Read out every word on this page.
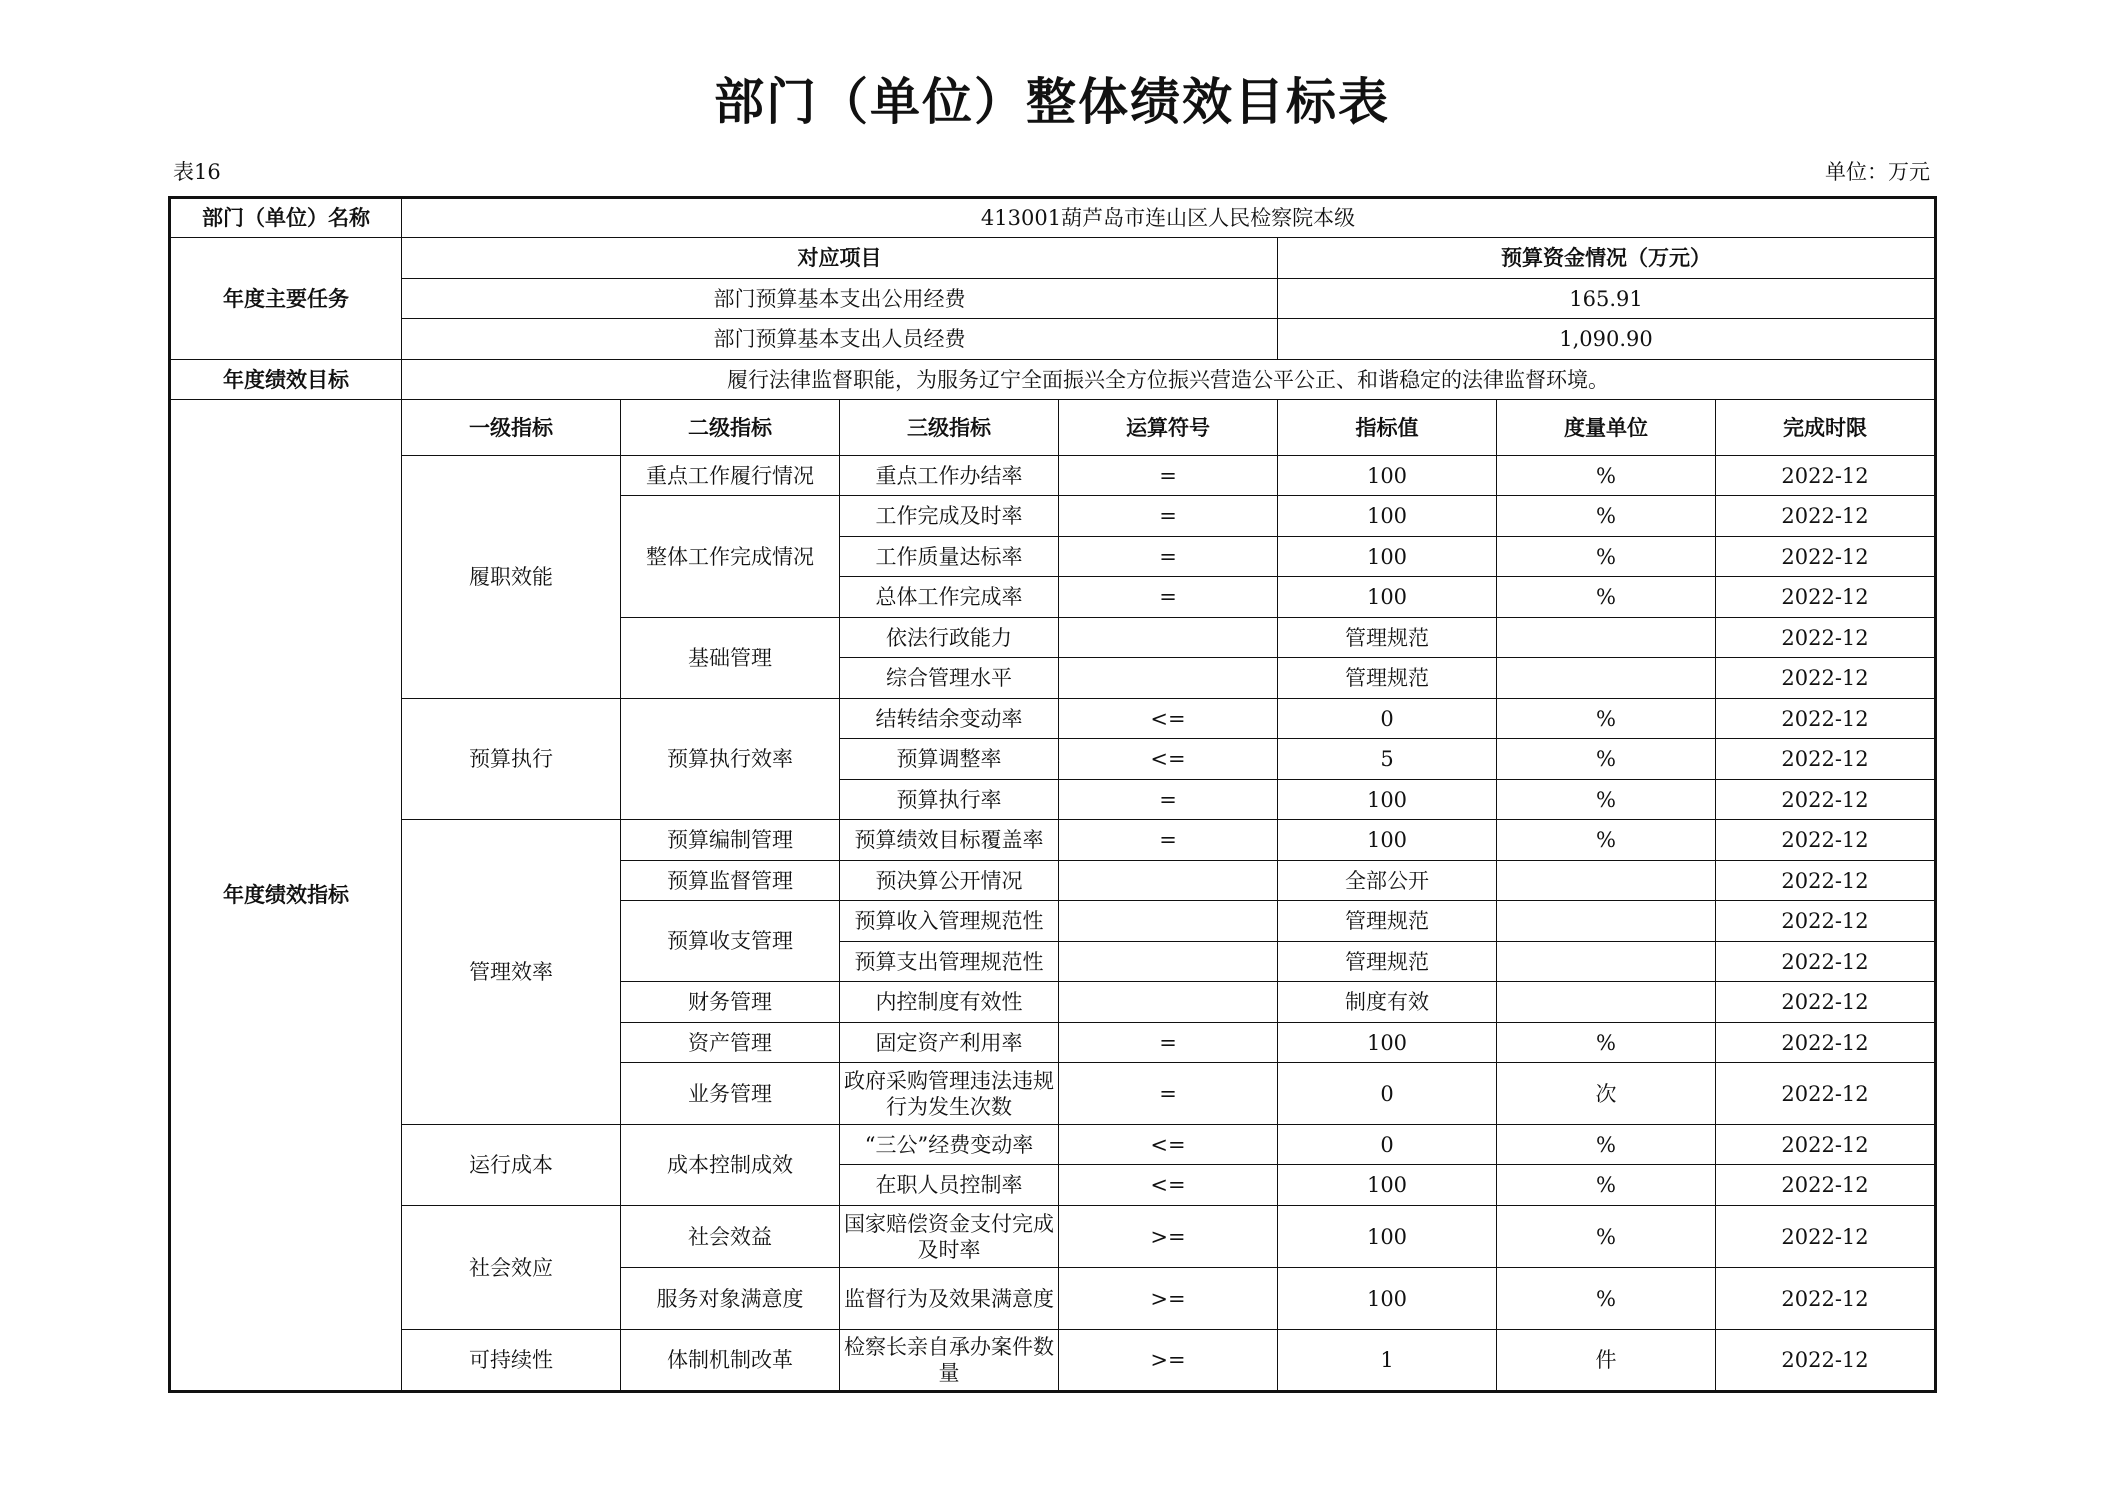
部门（单位）整体绩效目标表
表16	单位：万元
部门（单位）名称	413001葫芦岛市连山区人民检察院本级						
年度主要任务	对应项目				预算资金情况（万元）		
	部门预算基本支出公用经费				165.91		
	部门预算基本支出人员经费				1,090.90		
年度绩效目标	履行法律监督职能，为服务辽宁全面振兴全方位振兴营造公平公正、和谐稳定的法律监督环境。						
年度绩效指标	一级指标	二级指标	三级指标	运算符号	指标值	度量单位	完成时限
	履职效能	重点工作履行情况	重点工作办结率	=	100	%	2022-12
		整体工作完成情况	工作完成及时率	=	100	%	2022-12
			工作质量达标率	=	100	%	2022-12
			总体工作完成率	=	100	%	2022-12
		基础管理	依法行政能力		管理规范		2022-12
			综合管理水平		管理规范		2022-12
	预算执行	预算执行效率	结转结余变动率	<=	0	%	2022-12
			预算调整率	<=	5	%	2022-12
			预算执行率	=	100	%	2022-12
	管理效率	预算编制管理	预算绩效目标覆盖率	=	100	%	2022-12
		预算监督管理	预决算公开情况		全部公开		2022-12
		预算收支管理	预算收入管理规范性		管理规范		2022-12
			预算支出管理规范性		管理规范		2022-12
		财务管理	内控制度有效性		制度有效		2022-12
		资产管理	固定资产利用率	=	100	%	2022-12
		业务管理	政府采购管理违法违规行为发生次数	=	0	次	2022-12
	运行成本	成本控制成效	“三公”经费变动率	<=	0	%	2022-12
			在职人员控制率	<=	100	%	2022-12
	社会效应	社会效益	国家赔偿资金支付完成及时率	>=	100	%	2022-12
		服务对象满意度	监督行为及效果满意度	>=	100	%	2022-12
	可持续性	体制机制改革	检察长亲自承办案件数量	>=	1	件	2022-12
